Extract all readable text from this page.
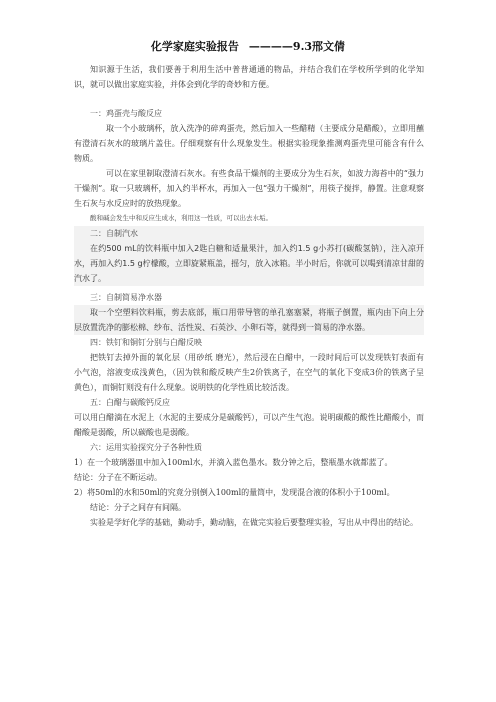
化学家庭实验报告 ————9.3邢文倩

知识源于生活，我们要善于利用生活中普普通通的物品，并结合我们在学校所学到的化学知识，就可以做出家庭实验，并体会到化学的奇妙和方便。

一：鸡蛋壳与酸反应

取一个小玻璃杯，放入洗净的碎鸡蛋壳，然后加入一些醋精（主要成分是醋酸），立即用蘸有澄清石灰水的玻璃片盖住。仔细观察有什么现象发生。根据实验现象推测鸡蛋壳里可能含有什么物质。

可以在家里制取澄清石灰水。有些食品干燥剂的主要成分为生石灰，如波力海苔中的“强力干燥剂”。取一只玻璃杯，加入约半杯水，再加入一包“强力干燥剂”，用筷子搅拌，静置。注意观察生石灰与水反应时的放热现象。

酸和碱会发生中和反应生成水，利用这一性质，可以出去水垢。

二：自制汽水

在约500 mL的饮料瓶中加入2匙白糖和适量果汁，加入约1.5 g小苏打(碳酸氢钠），注入凉开水，再加入约1.5 g柠檬酸，立即旋紧瓶盖，摇匀，放入冰箱。半小时后，你就可以喝到清凉甘甜的汽水了。

三：自制简易净水器

取一个空塑料饮料瓶，剪去底部，瓶口用带导管的单孔塞塞紧，将瓶子倒置，瓶内由下向上分层放置洗净的膨松棉、纱布、活性炭、石英沙、小卵石等，就得到一简易的净水器。

四：铁钉和铜钉分别与白醋反映

把铁钉去掉外面的氧化层（用砂纸 磨光），然后浸在白醋中，一段时间后可以发现铁钉表面有小气泡，溶液变成浅黄色，（因为铁和酸反映产生2价铁离子，在空气的氧化下变成3价的铁离子呈黄色），而铜钉则没有什么现象。说明铁的化学性质比较活泼。

五：白醋与碳酸钙反应

可以用白醋滴在水泥上（水泥的主要成分是碳酸钙），可以产生气泡。说明碳酸的酸性比醋酸小，而醋酸是弱酸，所以碳酸也是弱酸。

六：运用实验探究分子各种性质

1）在一个玻璃器皿中加入100ml水，并滴入蓝色墨水。数分钟之后，整瓶墨水就都蓝了。

结论：分子在不断运动。

2）将50ml的水和50ml的究竟分别倒入100ml的量筒中，发现混合液的体积小于100ml。

结论：分子之间存有间隔。

实验是学好化学的基础，勤动手，勤动脑，在做完实验后要整理实验，写出从中得出的结论。
